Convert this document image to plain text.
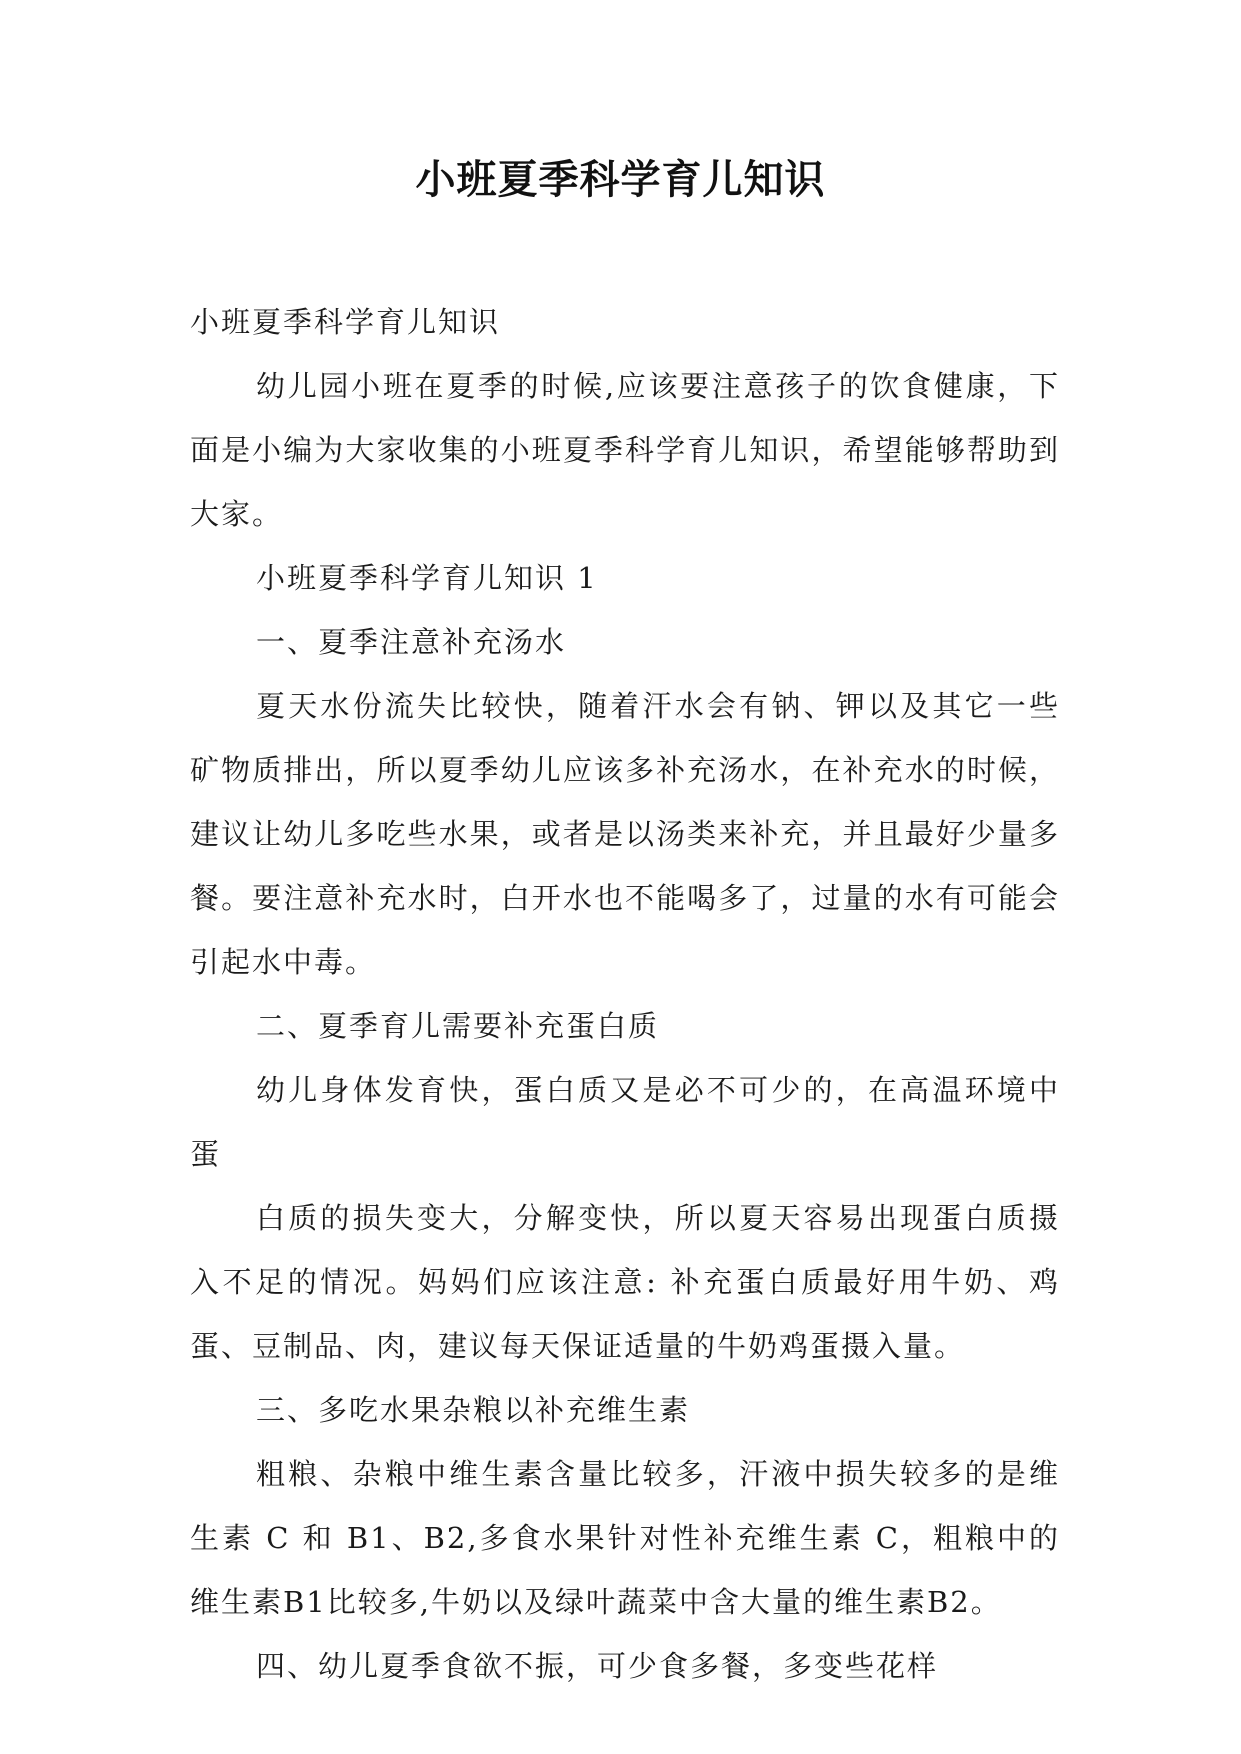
小班夏季科学育儿知识

小班夏季科学育儿知识

幼儿园小班在夏季的时候,应该要注意孩子的饮食健康，下面是小编为大家收集的小班夏季科学育儿知识，希望能够帮助到大家。

小班夏季科学育儿知识 1

一、夏季注意补充汤水

夏天水份流失比较快，随着汗水会有钠、钾以及其它一些矿物质排出，所以夏季幼儿应该多补充汤水，在补充水的时候，建议让幼儿多吃些水果，或者是以汤类来补充，并且最好少量多餐。要注意补充水时，白开水也不能喝多了，过量的水有可能会引起水中毒。

二、夏季育儿需要补充蛋白质

幼儿身体发育快，蛋白质又是必不可少的，在高温环境中蛋

白质的损失变大，分解变快，所以夏天容易出现蛋白质摄入不足的情况。妈妈们应该注意: 补充蛋白质最好用牛奶、鸡蛋、豆制品、肉，建议每天保证适量的牛奶鸡蛋摄入量。

三、多吃水果杂粮以补充维生素

粗粮、杂粮中维生素含量比较多，汗液中损失较多的是维生素 C 和 B1、B2,多食水果针对性补充维生素 C，粗粮中的维生素B1比较多,牛奶以及绿叶蔬菜中含大量的维生素B2。

四、幼儿夏季食欲不振，可少食多餐，多变些花样
